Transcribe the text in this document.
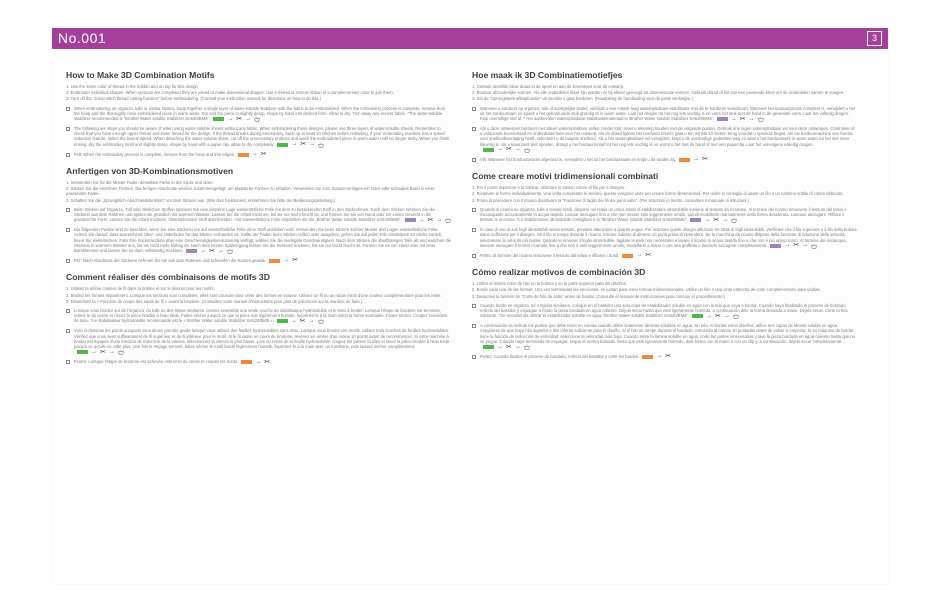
No.001	3
How to Make 3D Combination Motifs

1. Use the same color of thread in the bobbin and on top for this design.

2. Embroider individual shapes. When sections are completed they are joined to make dimensional shapes. Use a thread or narrow ribbon of a complementary color to join them.

3. Turn off the "Jump stitch thread cutting function" before embroidering. (Consult your instruction manual for directions on how to do this.)

When embroidering on organza, tulle or similar fabrics, hoop together a single layer of water-soluble stabilizer with the fabric to be embroidered. When the embroidery process is complete, remove from the hoop and the thoroughly rinse embroidered piece in warm water. Dry and the piece in slightly damp, shape by hand into desired form. Allow to dry. Trim away any excess fabric. *The water-soluble stabilizer recommended is "Brother Water soluble Stabilizer SA520/BM5".	→ ✂ →
The following are steps you should be aware of when using water-soluble sheets without any fabric. When embroidering these designs, please use three layers of water-soluble sheets. Remember to check that you have enough upper thread and lower thread for the design. If the thread breaks during embroidery, back up at least 10 stitches before restarting. If your embroidery machine has a speed reduction feature, select the lowest speed. When detaching the water-soluble sheet, cut off the unnecessary portions and wash the embroidered piece in warm water until no longer tacky. When you finish rinsing, dry the embroidery motif and slightly damp, shape by hand with a paper clip, allow to dry completely.	→ ✂ →
Felt: When the embroidery process is complete, remove from the hoop and trim edges.	→ ✂
Anfertigen von 3D-Kombinationsmotiven

1. Verwenden Sie für die Muster Faden derselben Farbe in der Spule und oben.

2. Sticken Sie die einzelnen Formen. Die fertigen Abschnitte werden zusammengefügt, um plastische Formen zu erhalten. Verwenden Sie zum Zusammenfügen ein Garn oder schmales Band in einer passenden Farbe.

3. Schalten Sie die „Sprungstich-Abschneidefunktion" vor dem Sticken aus. (Wie dies funktioniert, entnehmen Sie bitte der Bedienungsanleitung.)

Beim Sticken auf Organza, Tüll oder ähnlichen Stoffen spannen Sie eine einzelne Lage wasserlösliche Folie mit dem zu bestickenden Stoff in den Stickrahmen. Nach dem Sticken nehmen Sie die Stickerei aus dem Rahmen und spülen sie gründlich mit warmem Wasser. Lassen Sie die Arbeit trocknen, bis sie nur leicht feucht ist, und formen Sie sie von Hand oder mit einem Gewicht in die gewünschte Form. Lassen Sie die Arbeit trocknen. Überstehenden Stoff abschneiden. *Als wasserlösliche Folie empfehlen wir die „Brother Water soluble Stabilizer SA520/BM5".	→ ✂ →
Die folgenden Punkte sind zu beachten, wenn Sie eine Stickerei nur auf wasserlösliche Folie ohne Stoff ansticken wird. Verwenden Sie beim Sticken solcher Muster drei Lagen wasserlösliche Folie. Achten Sie darauf, dass ausreichend Ober- und Unterfaden für das Muster vorhanden ist. Sollte der Faden beim Sticken reißen oder ausgehen, gehen Sie auf jeden Fall mindestens 10 Stiche zurück, bevor Sie weitersticken. Falls Ihre Stickmaschine über eine Geschwindigkeitsreduzierung verfügt, wählen Sie die niedrigste Geschwindigkeit. Nach dem Sticken die überflüssigen Teile ab und waschen die Stickerei in warmem Wasser aus, bis sie nicht mehr klebrig ist. Nach dem letzten Spülvorgang lassen Sie die Stickerei trocknen, bis sie nur leicht feucht ist. Formen Sie es von Hand oder mit einer Büroklammer und lassen Sie es dann vollständig trocknen.	→ ✂ →
Filz: Nach Abschluss der Stickerei nehmen Sie sie aus dem Rahmen und schneiden die Kanten gerade.	→ ✂
Comment réaliser des combinaisons de motifs 3D

1. Utilisez la même couleur de fil dans la bobine et sur le dessus pour les motifs.

2. Brodez les formes séparément. Lorsque les sections sont complètes, elles sont cousues pour créer des formes en volume. Utilisez un fil ou un ruban étroit d'une couleur complémentaire pour les relier.

3. Désactivez la « Fonction de coupe des sauts de fil » avant la broderie. (Consultez votre manuel d'instructions pour plus de précisions sur la manière de faire.)

Lorsque vous brodez sur de l'organza, du tulle ou des tissus similaires, cerclez ensemble une seule couche de stabilisateur hydrosoluble et le tissu à broder. Lorsque l'étape de broderie est terminée, retirez-le du cercle et rincez la pièce brodée à l'eau tiède. Faites sécher jusqu'à ce que la pièce soit légèrement humide, façonnez-la à la main selon la forme souhaitée. Faites sécher. Coupez l'excédent de tissu. *Le stabilisateur hydrosoluble recommandé est le « Brother Water soluble Stabilizer SA520/BM5 ».	→ ✂ →
Voici ci-dessous les points auxquels vous devez prendre garde lorsque vous utilisez des feuilles hydrosolubles sans tissu. Lorsque vous brodez ces motifs, utilisez trois couches de feuilles hydrosolubles. Vérifiez que vous avez suffisamment de fil supérieur et de fil inférieur pour le motif. Si le fil casse en cours de broderie, revenez en arrière d'au moins 10 points avant de recommencer. Si votre machine à broder est équipée d'une fonction de réduction de la vitesse, sélectionnez la vitesse la plus basse. Lors du retrait de la feuille hydrosoluble, coupez les parties inutiles et lavez la pièce brodée à l'eau tiède jusqu'à ce qu'elle ne colle plus. Une fois le rinçage terminé, faites sécher le motif brodé légèrement humide, façonnez-le à la main avec un trombone, puis laissez sécher complètement.
→ ✂ →
Feutre: Lorsque l'étape de broderie est achevée, retirez-le du cercle et coupez les bords.	→ ✂
Hoe maak ik 3D Combinatiemotiefjes

1. Gebruik dezelfde kleur draad in de spoel en aan de bovenkant voor dit ontwerp.

2. Borduur afzonderlijke vormen. Als alle onderdelen klaar zijn worden ze bij elkaar gevoegd tot dimensionale vormen. Gebruik draad of lint van een passende kleur om de onderdelen samen te voegen.

3. Zet de "Sprongsteek-afknipfunctie" uit voordat u gaat borduren. (Raadpleeg de handleiding voor de juiste werkwijze.)

Wanneer u borduurt op organza, tule of soortgelijke textiel, verbindt u een enkele laag wateroplosbare stabilisator met de te borduren textielsoort. Wanneer het borduurproces compleet is, verwijdert u het uit het borduurraam en spoelt u het geborduurde stuk grondig af in warm water. Laat het drogen tot het nog iets vochtig is en vorm het stuk met de hand in de gewenste vorm. Laat het volledig drogen. Knip overtollige stof af. * Het aanbevolen wateroplosbare stabilisatiemateriaal is 'Brother Water soluble Stabilizer SA520/BM5'.	→ ✂ →
Als u deze ontwerpen borduurt met alleen wateroplosbare vellen zonder stof, moet u rekening houden met de volgende punten. Gebruik drie lagen wateroplosbaar vel voor deze ontwerpen. Controleer of u voldoende bovendraad en onderdraad hebt voor het ontwerp. Als de draad tijdens het borduren breekt, gaat u ten minste 10 steken terug voordat u opnieuw begint. Als uw borduurmachine een functie voor snelheidsverlaging heeft, selecteert u de laagste snelheid. Als u het wateroplosbare vel verwijdert, knipt u de overbodige gedeelten weg en wast u het borduurwerk in warm water tot het niet meer kleverig is. Als u klaar bent met spoelen, droogt u het borduurmotief tot het nog iets vochtig is en vormt u het met de hand of met een paperclip. Laat het vervolgens volledig drogen.
→ ✂ →
Vilt: Wanneer het borduurproces afgerond is, verwijdert u het uit het borduurraam en knipt u de randen bij.	→ ✂
Come creare motivi tridimensionali combinati

1. Per il punto superiore e la bobina, utilizzare lo stesso colore di filo per il disegno.

2. Ricamare le forme individualmente. Una volta completate le sezioni, queste vengono unite per creare forme dimensionali. Per unirle si consiglia di usare un filo o un nastrino sottile di colore abbinato.

3. Prima di procedere con il ricamo disattivare la "Funzione di taglio dei fili dei punti salto". (Per istruzioni in merito, consultare il manuale di istruzioni.)

Quando si ricama su organza, tulle o tessuti simili, disporre nel telaio un unico strato di stabilizzatore idrosolubile insieme al tessuto da ricamare. Al termine del ricamo rimuovere il tessuto dal telaio e risciacquarlo accuratamente in acqua tiepida. Lasciar asciugare fino a che non rimane solo leggermente umido, quindi modellarlo manualmente nella forma desiderata. Lasciare asciugare. Rifilare il tessuto in eccesso. *Lo stabilizzatore idrosolubile consigliato è lo "Brother Water soluble Stabilizer SA520/BM5".	→ ✂ →
In caso di uso di soli fogli idrosolubili senza tessuto, prestare attenzione a quanto segue. Per ricamare questi disegni utilizzare tre strati di fogli idrosolubili. Verificare che il filo superiore e il filo della bobina siano sufficienti per il disegno. Se il filo si rompe durante il ricamo, tornare indietro di almeno 10 punti prima di riprendere. Se la macchina da ricamo dispone della funzione di riduzione della velocità, selezionare la velocità più bassa. Quando si rimuove il foglio idrosolubile, tagliare le parti non necessarie e lavare il ricamo in acqua tiepida fino a che non è più appiccicoso. Al termine del risciacquo, lasciare asciugare il motivo ricamato fino a che non è solo leggermente umido, modellarlo a mano o con una graffetta e lasciarlo asciugare completamente.	→ ✂ →
Feltro: al termine del ricamo rimuovere il tessuto dal telaio e rifilarne i bordi.	→ ✂
Cómo realizar motivos de combinación 3D

1. Utilice el mismo color de hilo en la bobina y en la parte superior para los diseños.

2. Borde cada una de las formas. Una vez terminadas las secciones, se juntan para crear formas tridimensionales. Utilice un hilo o una cinta estrecha de color complementario para unirlas.

3. Desactive la función de "Corte de hilo de salto" antes de bordar. (Consulte el manual de instrucciones para conocer el procedimiento.)

Cuando borde en organza, tul o tejidos similares, coloque en el bastidor una sola capa de estabilizador soluble en agua con la tela que vaya a bordar. Cuando haya finalizado el proceso de bordado, retírelo del bastidor y enjuague a fondo la pieza bordada en agua caliente. Déjela secar hasta que esté ligeramente húmeda, a continuación dele la forma deseada a mano. Déjela secar. Corte la tela sobrante. *Se recomienda utilizar el estabilizador soluble en agua "Brother Water soluble Stabilizer SA520/BM5".	→ ✂ →
A continuación se indican los puntos que debe tener en cuenta cuando utilice solamente láminas solubles en agua, sin tela. Al bordar estos diseños, utilice tres capas de lámina soluble en agua. Asegúrese de que haya hilo superior e hilo inferior suficiente para el diseño. Si el hilo se rompe durante el bordado, retroceda al menos 10 puntadas antes de volver a empezar. Si su máquina de bordar tiene la función de reducción de velocidad, seleccione la velocidad más baja. Cuando retire la lámina soluble en agua, corte las partes innecesarias y lave la pieza bordada en agua caliente hasta que no se pegue. Cuando haya terminado de enjuagar, seque el motivo bordado hasta que esté ligeramente húmedo, dele forma con la mano o con un clip y, a continuación, déjelo secar completamente.
→ ✂ →
Fieltro: Cuando finalice el proceso de bordado, retírelo del bastidor y corte los bordes.	→ ✂
